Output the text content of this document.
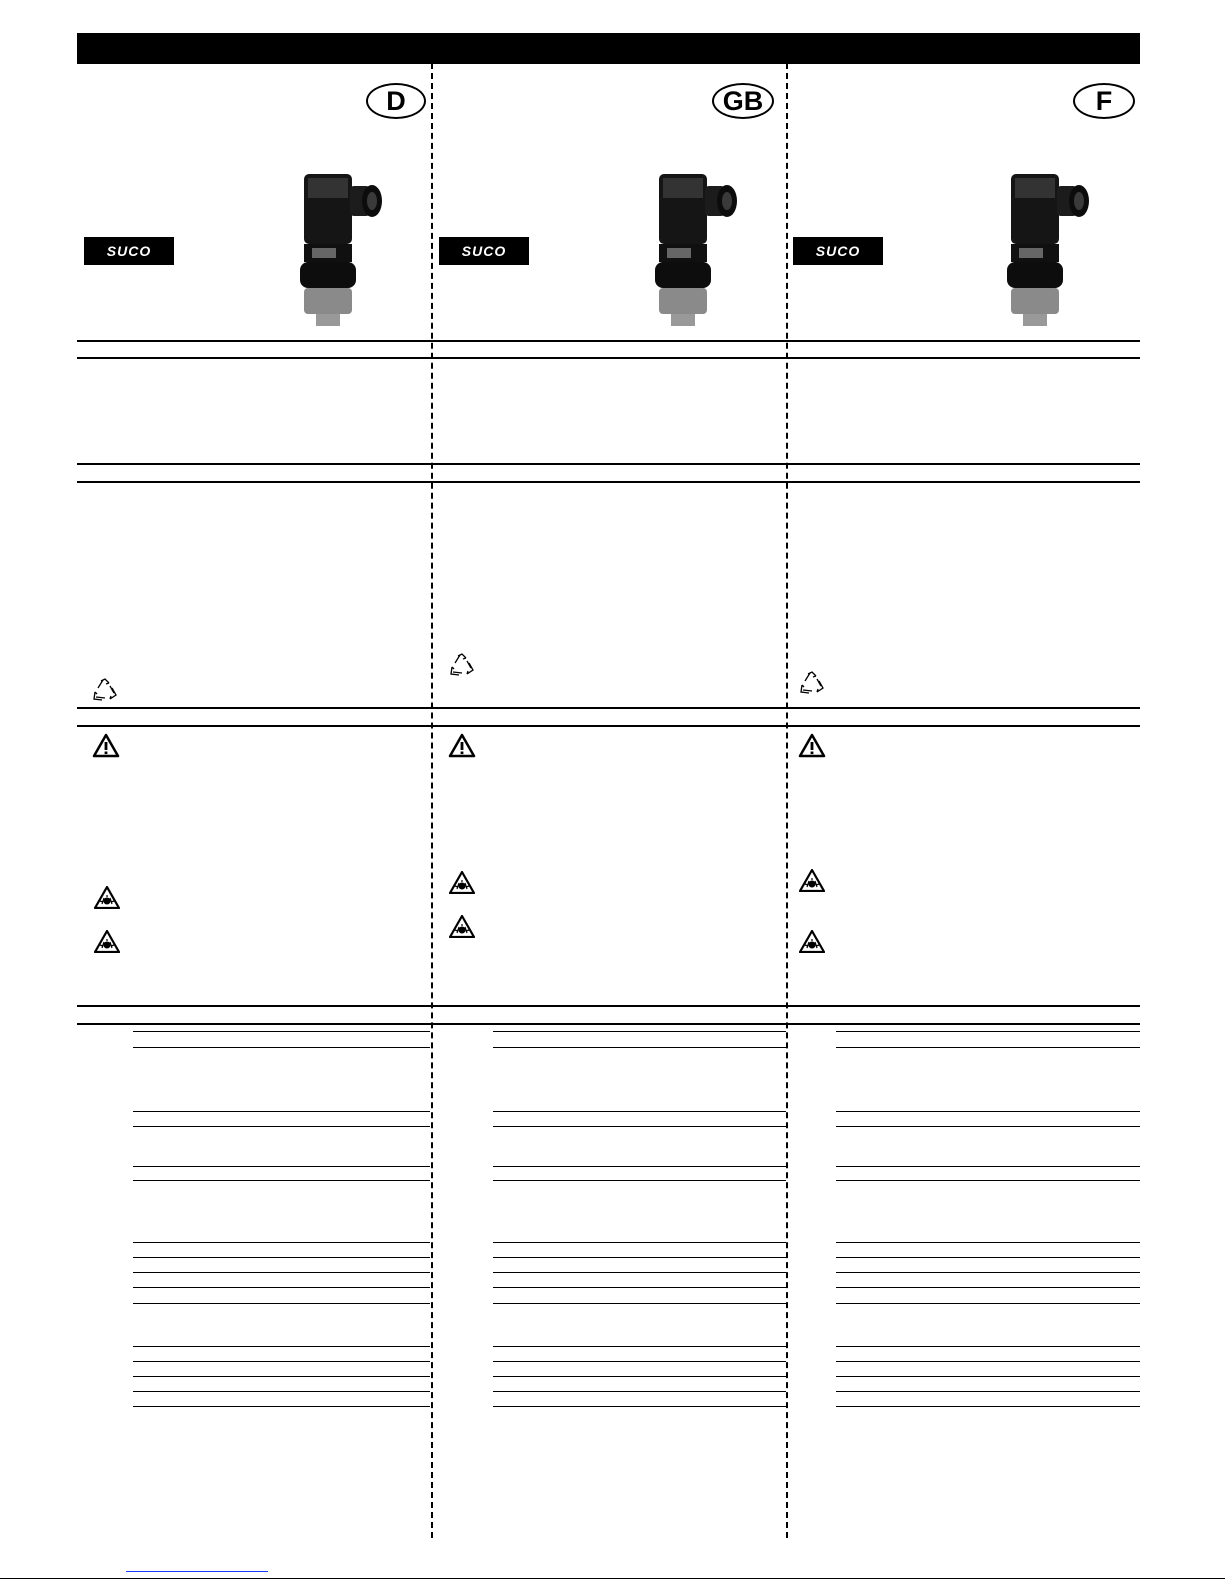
D	GB	F
SUCO	SUCO	SUCO
